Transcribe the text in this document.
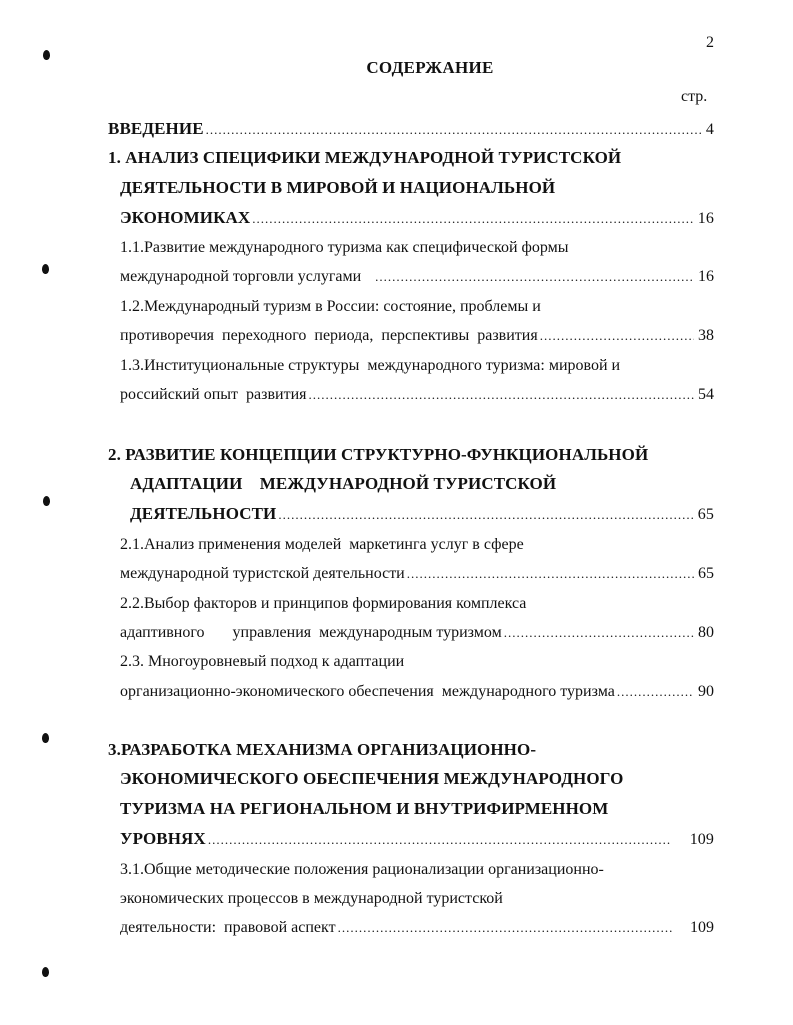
2
СОДЕРЖАНИЕ
стр.
ВВЕДЕНИЕ .....	4
1. АНАЛИЗ СПЕЦИФИКИ МЕЖДУНАРОДНОЙ ТУРИСТСКОЙ
ДЕЯТЕЛЬНОСТИ В МИРОВОЙ И НАЦИОНАЛЬНОЙ
ЭКОНОМИКАХ .....	16
1.1.Развитие международного туризма как специфической формы
международной торговли услугами .....	16
1.2.Международный туризм в России: состояние, проблемы и
противоречия  переходного  периода,  перспективы  развития .....	38
1.3.Институциональные структуры  международного туризма: мировой и
российский опыт  развития .....	54
2. РАЗВИТИЕ КОНЦЕПЦИИ СТРУКТУРНО-ФУНКЦИОНАЛЬНОЙ
АДАПТАЦИИ    МЕЖДУНАРОДНОЙ ТУРИСТСКОЙ
ДЕЯТЕЛЬНОСТИ .....	65
2.1.Анализ применения моделей  маркетинга услуг в сфере
международной туристской деятельности .....	65
2.2.Выбор факторов и принципов формирования комплекса
адаптивного       управления  международным туризмом .....	80
2.3. Многоуровневый подход к адаптации
организационно-экономического обеспечения  международного туризма .....	90
3.РАЗРАБОТКА МЕХАНИЗМА ОРГАНИЗАЦИОННО-
ЭКОНОМИЧЕСКОГО ОБЕСПЕЧЕНИЯ МЕЖДУНАРОДНОГО
ТУРИЗМА НА РЕГИОНАЛЬНОМ И ВНУТРИФИРМЕННОМ
УРОВНЯХ .....	109
3.1.Общие методические положения рационализации организационно-
экономических процессов в международной туристской
деятельности:  правовой аспект .....	109
